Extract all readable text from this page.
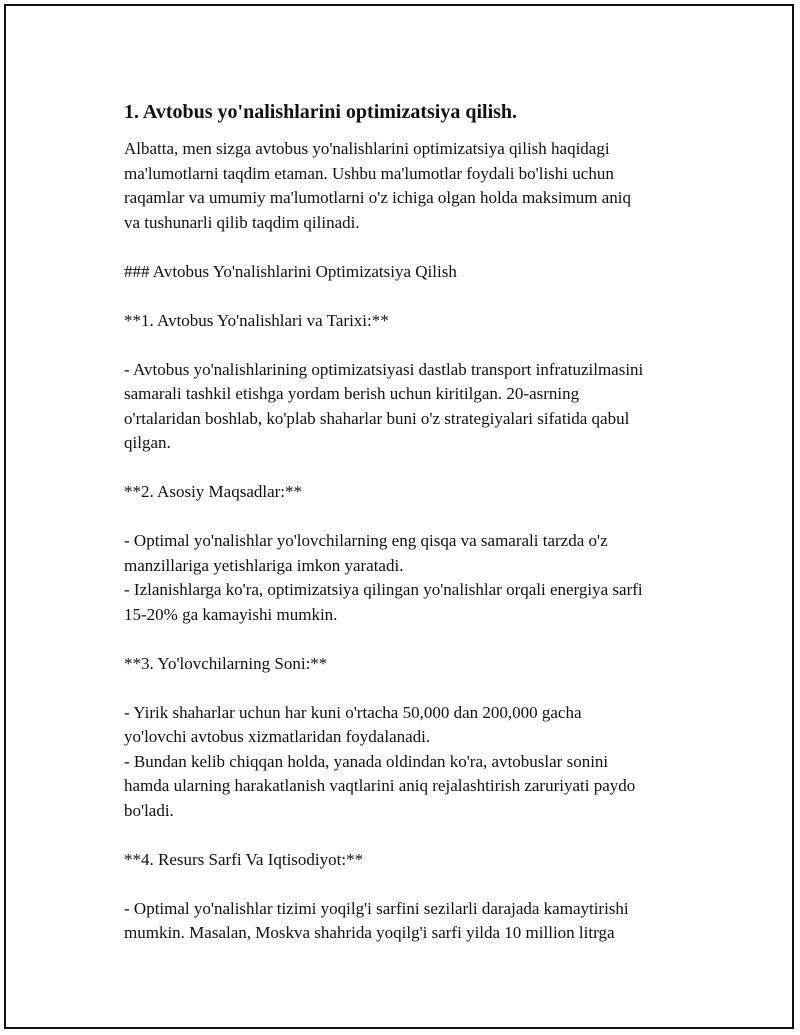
1. Avtobus yo'nalishlarini optimizatsiya qilish.
Albatta, men sizga avtobus yo'nalishlarini optimizatsiya qilish haqidagi
ma'lumotlarni taqdim etaman. Ushbu ma'lumotlar foydali bo'lishi uchun
raqamlar va umumiy ma'lumotlarni o'z ichiga olgan holda maksimum aniq
va tushunarli qilib taqdim qilinadi.
### Avtobus Yo'nalishlarini Optimizatsiya Qilish
**1. Avtobus Yo'nalishlari va Tarixi:**
- Avtobus yo'nalishlarining optimizatsiyasi dastlab transport infratuzilmasini
samarali tashkil etishga yordam berish uchun kiritilgan. 20-asrning
o'rtalaridan boshlab, ko'plab shaharlar buni o'z strategiyalari sifatida qabul
qilgan.
**2. Asosiy Maqsadlar:**
- Optimal yo'nalishlar yo'lovchilarning eng qisqa va samarali tarzda o'z
manzillariga yetishlariga imkon yaratadi.
- Izlanishlarga ko'ra, optimizatsiya qilingan yo'nalishlar orqali energiya sarfi
15-20% ga kamayishi mumkin.
**3. Yo'lovchilarning Soni:**
- Yirik shaharlar uchun har kuni o'rtacha 50,000 dan 200,000 gacha
yo'lovchi avtobus xizmatlaridan foydalanadi.
- Bundan kelib chiqqan holda, yanada oldindan ko'ra, avtobuslar sonini
hamda ularning harakatlanish vaqtlarini aniq rejalashtirish zaruriyati paydo
bo'ladi.
**4. Resurs Sarfi Va Iqtisodiyot:**
- Optimal yo'nalishlar tizimi yoqilg'i sarfini sezilarli darajada kamaytirishi
mumkin. Masalan, Moskva shahrida yoqilg'i sarfi yilda 10 million litrga
